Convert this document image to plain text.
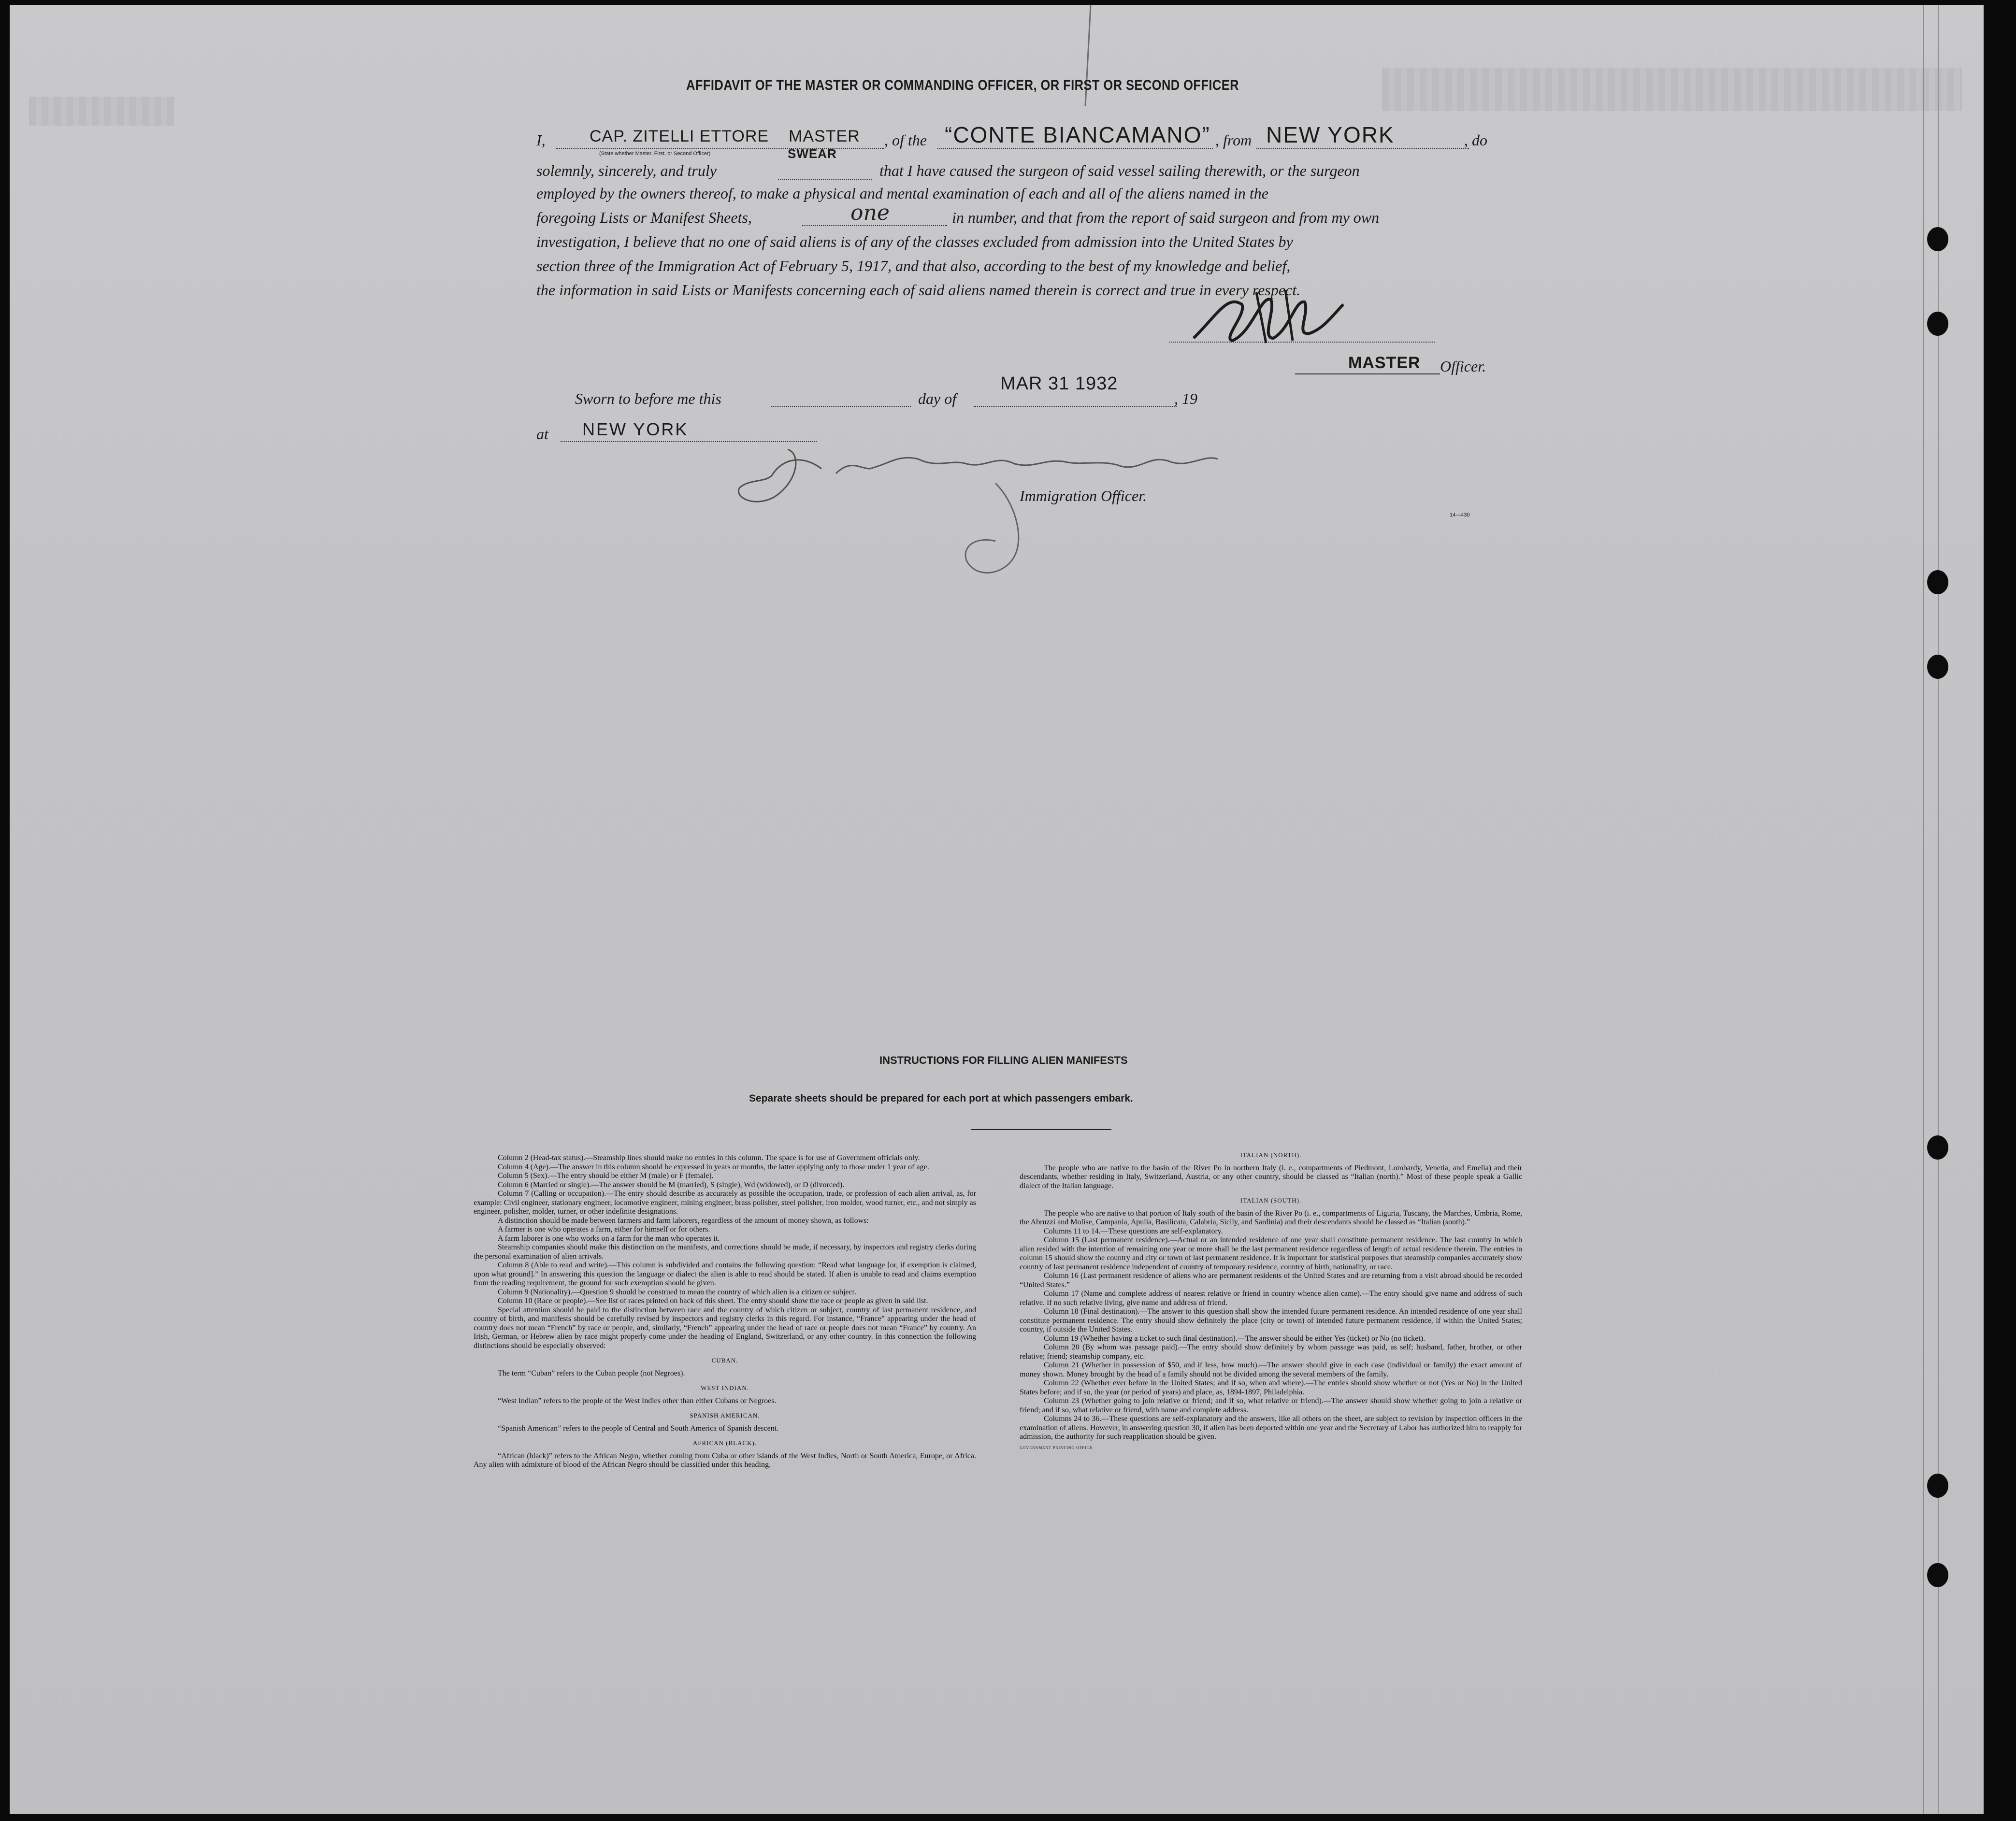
AFFIDAVIT OF THE MASTER OR COMMANDING OFFICER, OR FIRST OR SECOND OFFICER
I,	CAP. ZITELLI ETTORE MASTER , of the “CONTE BIANCAMANO” , from NEW YORK	, do
solemnly, sincerely, and truly
(State whether Master, First, or Second Officer)	SWEAR
that I have caused the surgeon of said vessel sailing therewith, or the surgeon
employed by the owners thereof, to make a physical and mental examination of each and all of the aliens named in the
foregoing Lists or Manifest Sheets,	one	in number, and that from the report of said surgeon and from my own
investigation, I believe that no one of said aliens is of any of the classes excluded from admission into the United States by
section three of the Immigration Act of February 5, 1917, and that also, according to the best of my knowledge and belief,
the information in said Lists or Manifests concerning each of said aliens named therein is correct and true in every respect.
MASTER Officer.
Sworn to before me this	day of
MAR 31 1932
, 19
at NEW YORK
Immigration Officer.
14—430
INSTRUCTIONS FOR FILLING ALIEN MANIFESTS
Separate sheets should be prepared for each port at which passengers embark.

Column 2 (Head-tax status).—Steamship lines should make no entries in this column. The space is for use of Government officials only.

Column 4 (Age).—The answer in this column should be expressed in years or months, the latter applying only to those under 1 year of age.

Column 5 (Sex).—The entry should be either M (male) or F (female).

Column 6 (Married or single).—The answer should be M (married), S (single), Wd (widowed), or D (divorced).

Column 7 (Calling or occupation).—The entry should describe as accurately as possible the occupation, trade, or profession of each alien arrival, as, for example: Civil engineer, stationary engineer, locomotive engineer, mining engineer, brass polisher, steel polisher, iron molder, wood turner, etc., and not simply as engineer, polisher, molder, turner, or other indefinite designations.

A distinction should be made between farmers and farm laborers, regardless of the amount of money shown, as follows:

A farmer is one who operates a farm, either for himself or for others.

A farm laborer is one who works on a farm for the man who operates it.

Steamship companies should make this distinction on the manifests, and corrections should be made, if necessary, by inspectors and registry clerks during the personal examination of alien arrivals.

Column 8 (Able to read and write).—This column is subdivided and contains the following question: “Read what language [or, if exemption is claimed, upon what ground].” In answering this question the language or dialect the alien is able to read should be stated. If alien is unable to read and claims exemption from the reading requirement, the ground for such exemption should be given.

Column 9 (Nationality).—Question 9 should be construed to mean the country of which alien is a citizen or subject.

Column 10 (Race or people).—See list of races printed on back of this sheet. The entry should show the race or people as given in said list.

Special attention should be paid to the distinction between race and the country of which citizen or subject, country of last permanent residence, and country of birth, and manifests should be carefully revised by inspectors and registry clerks in this regard. For instance, “France” appearing under the head of country does not mean “French” by race or people, and, similarly, “French” appearing under the head of race or people does not mean “France” by country. An Irish, German, or Hebrew alien by race might properly come under the heading of England, Switzerland, or any other country. In this connection the following distinctions should be especially observed:

CUBAN.

The term “Cuban” refers to the Cuban people (not Negroes).

WEST INDIAN.

“West Indian” refers to the people of the West Indies other than either Cubans or Negroes.

SPANISH AMERICAN.

“Spanish American” refers to the people of Central and South America of Spanish descent.

AFRICAN (BLACK).

“African (black)” refers to the African Negro, whether coming from Cuba or other islands of the West Indies, North or South America, Europe, or Africa. Any alien with admixture of blood of the African Negro should be classified under this heading.

ITALIAN (NORTH).

The people who are native to the basin of the River Po in northern Italy (i. e., compartments of Piedmont, Lombardy, Venetia, and Emelia) and their descendants, whether residing in Italy, Switzerland, Austria, or any other country, should be classed as “Italian (north).” Most of these people speak a Gallic dialect of the Italian language.

ITALIAN (SOUTH).

The people who are native to that portion of Italy south of the basin of the River Po (i. e., compartments of Liguria, Tuscany, the Marches, Umbria, Rome, the Abruzzi and Molise, Campania, Apulia, Basilicata, Calabria, Sicily, and Sardinia) and their descendants should be classed as “Italian (south).”

Columns 11 to 14.—These questions are self-explanatory.

Column 15 (Last permanent residence).—Actual or an intended residence of one year shall constitute permanent residence. The last country in which alien resided with the intention of remaining one year or more shall be the last permanent residence regardless of length of actual residence therein. The entries in column 15 should show the country and city or town of last permanent residence. It is important for statistical purposes that steamship companies accurately show country of last permanent residence independent of country of temporary residence, country of birth, nationality, or race.

Column 16 (Last permanent residence of aliens who are permanent residents of the United States and are returning from a visit abroad should be recorded “United States.”

Column 17 (Name and complete address of nearest relative or friend in country whence alien came).—The entry should give name and address of such relative. If no such relative living, give name and address of friend.

Column 18 (Final destination).—The answer to this question shall show the intended future permanent residence. An intended residence of one year shall constitute permanent residence. The entry should show definitely the place (city or town) of intended future permanent residence, if within the United States; country, if outside the United States.

Column 19 (Whether having a ticket to such final destination).—The answer should be either Yes (ticket) or No (no ticket).

Column 20 (By whom was passage paid).—The entry should show definitely by whom passage was paid, as self; husband, father, brother, or other relative; friend; steamship company, etc.

Column 21 (Whether in possession of $50, and if less, how much).—The answer should give in each case (individual or family) the exact amount of money shown. Money brought by the head of a family should not be divided among the several members of the family.

Column 22 (Whether ever before in the United States; and if so, when and where).—The entries should show whether or not (Yes or No) in the United States before; and if so, the year (or period of years) and place, as, 1894-1897, Philadelphia.

Column 23 (Whether going to join relative or friend; and if so, what relative or friend).—The answer should show whether going to join a relative or friend; and if so, what relative or friend, with name and complete address.

Columns 24 to 36.—These questions are self-explanatory and the answers, like all others on the sheet, are subject to revision by inspection officers in the examination of aliens. However, in answering question 30, if alien has been deported within one year and the Secretary of Labor has authorized him to reapply for admission, the authority for such reapplication should be given.

GOVERNMENT PRINTING OFFICE
